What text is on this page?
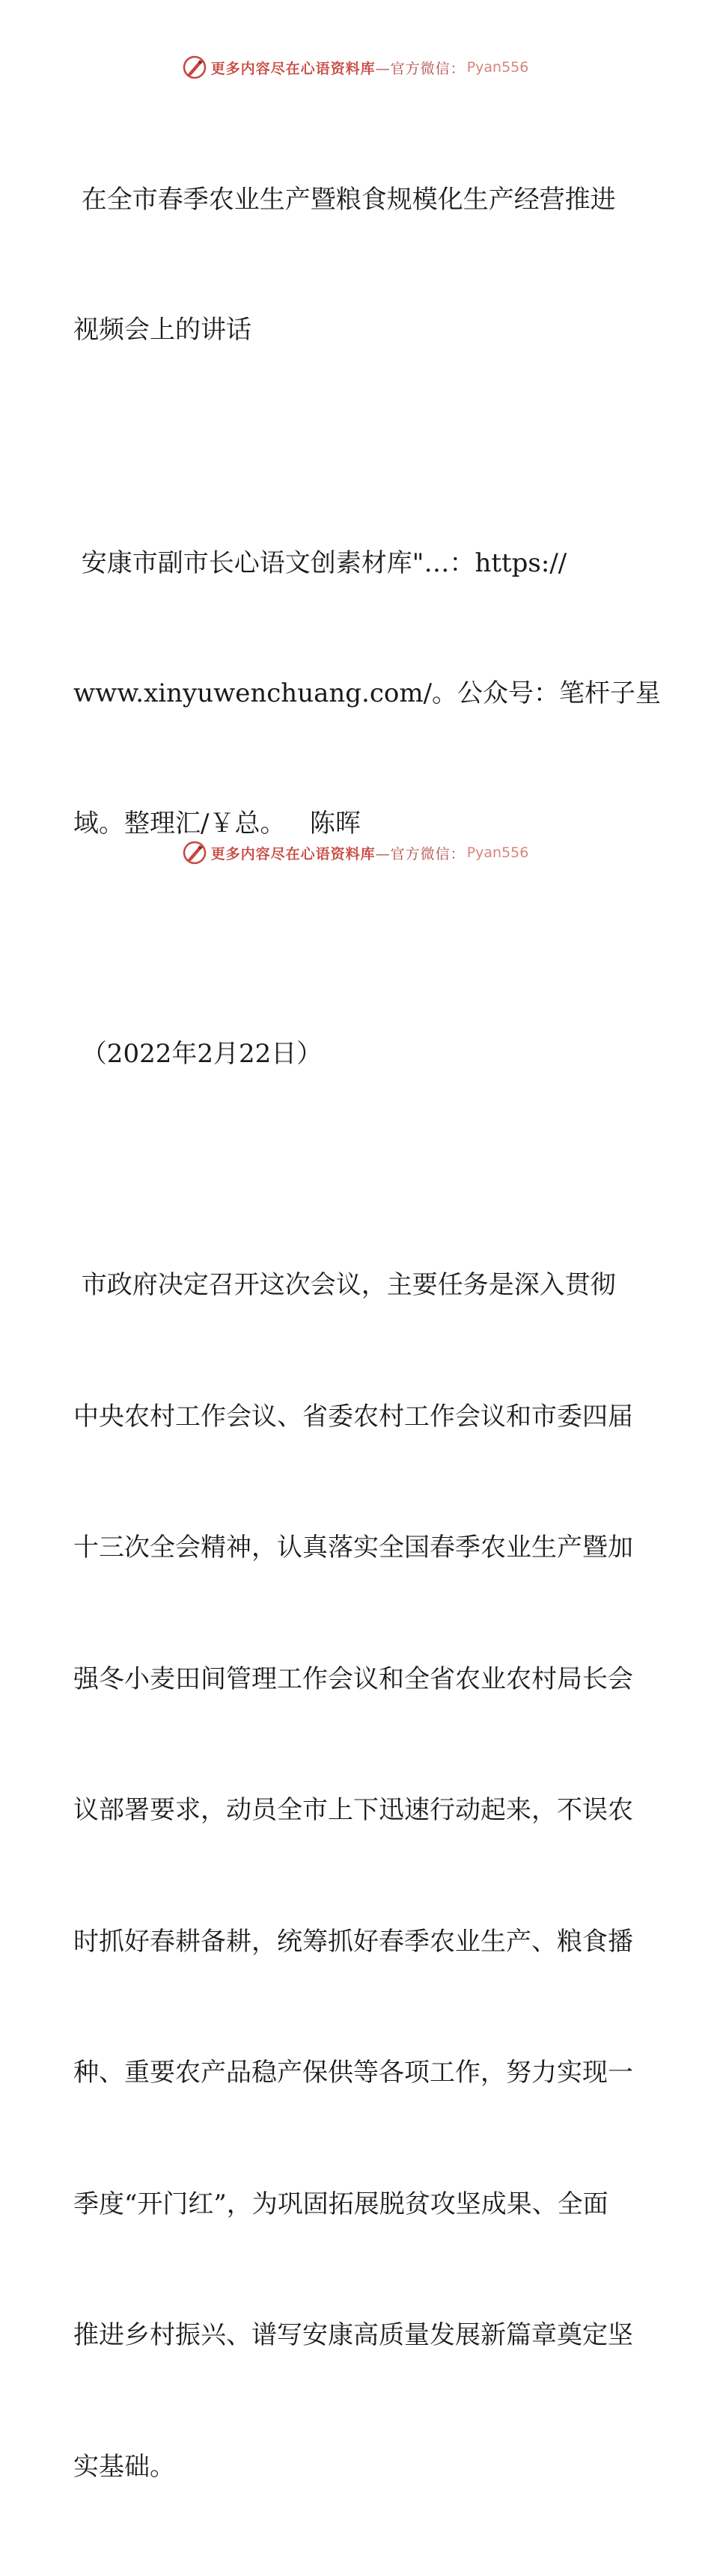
更多内容尽在心语资料库 —官方微信： Pyan556

在全市春季农业生产暨粮食规模化生产经营推进

视频会上的讲话

安康市副市长心语文创素材库"…：https://

www.xinyuwenchuang.com/。公众号：笔杆子星

域。整理汇/￥总。   陈晖

（2022年2月22日）

市政府决定召开这次会议，主要任务是深入贯彻

中央农村工作会议、省委农村工作会议和市委四届

十三次全会精神，认真落实全国春季农业生产暨加

强冬小麦田间管理工作会议和全省农业农村局长会

议部署要求，动员全市上下迅速行动起来，不误农

时抓好春耕备耕，统筹抓好春季农业生产、粮食播

种、重要农产品稳产保供等各项工作，努力实现一

季度“开门红”，为巩固拓展脱贫攻坚成果、全面

推进乡村振兴、谱写安康高质量发展新篇章奠定坚

实基础。

更多内容尽在心语资料库 —官方微信： Pyan556
